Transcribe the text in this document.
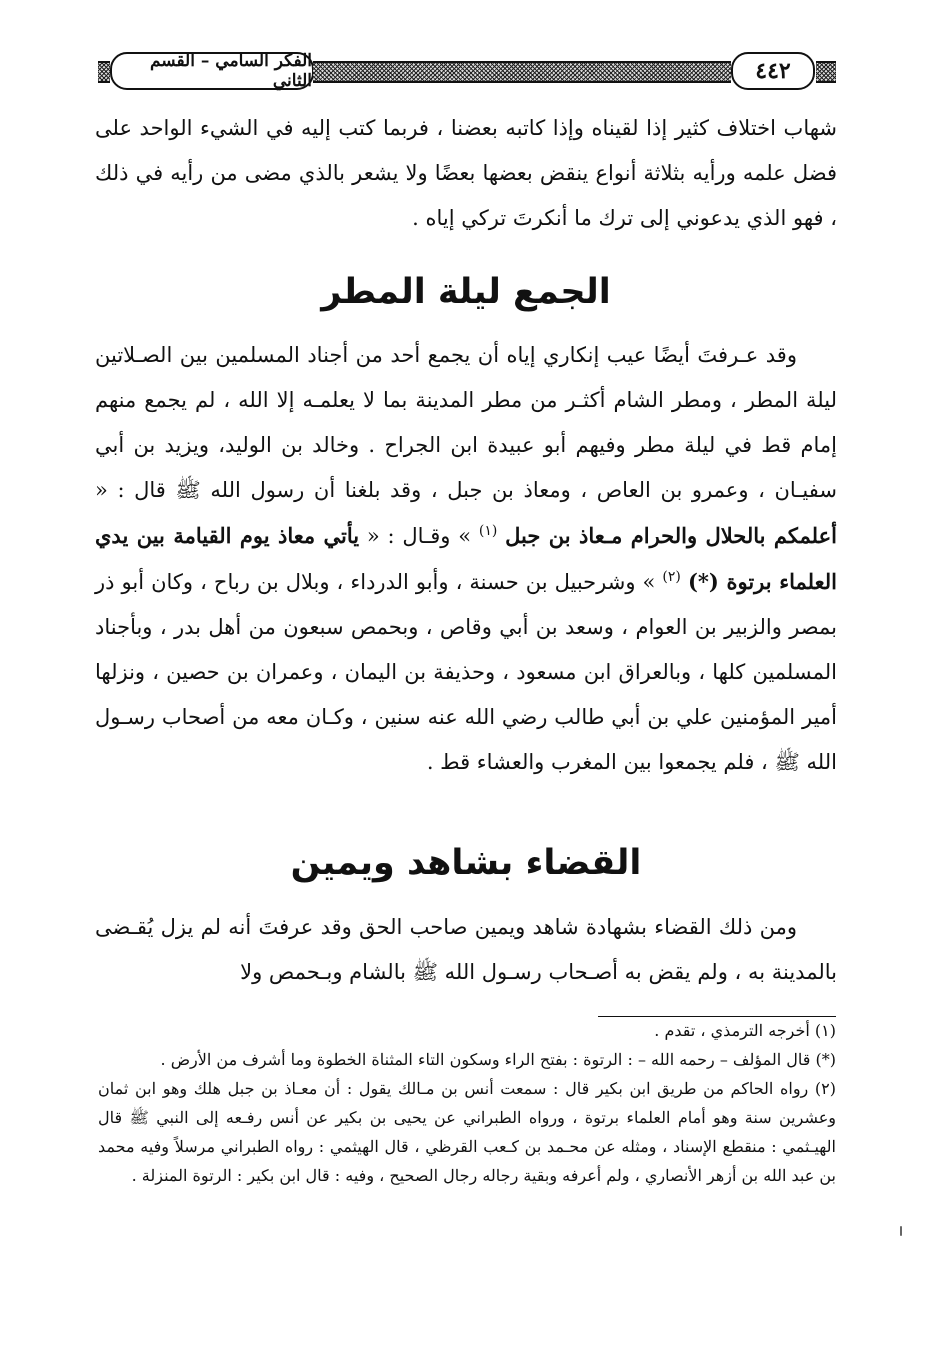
الفكر السامي – القسم الثاني	٤٤٢

شهاب اختلاف كثير إذا لقيناه وإذا كاتبه بعضنا ، فربما كتب إليه في الشيء الواحد على فضل علمه ورأيه بثلاثة أنواع ينقض بعضها بعضًا ولا يشعر بالذي مضى من رأيه في ذلك ، فهو الذي يدعوني إلى ترك ما أنكرتَ تركي إياه .

الجمع ليلة المطر

وقد عـرفتَ أيضًا عيب إنكاري إياه أن يجمع أحد من أجناد المسلمين بين الصـلاتين ليلة المطر ، ومطر الشام أكثـر من مطر المدينة بما لا يعلمـه إلا الله ، لم يجمع منهم إمام قط في ليلة مطر وفيهم أبو عبيدة ابن الجراح . وخالد بن الوليد، ويزيد بن أبي سفيـان ، وعمرو بن العاص ، ومعاذ بن جبل ، وقد بلغنا أن رسول الله ﷺ قال : « أعلمكم بالحلال والحرام مـعاذ بن جبل $^{(١)}$ » وقـال : « يأتي معاذ يوم القيامة بين يدي العلماء برتوة (*) $^{(٢)}$ » وشرحبيل بن حسنة ، وأبو الدرداء ، وبلال بن رباح ، وكان أبو ذر بمصر والزبير بن العوام ، وسعد بن أبي وقاص ، وبحمص سبعون من أهل بدر ، وبأجناد المسلمين كلها ، وبالعراق ابن مسعود ، وحذيفة بن اليمان ، وعمران بن حصين ، ونزلها أمير المؤمنين علي بن أبي طالب رضي الله عنه سنين ، وكـان معه من أصحاب رسـول الله ﷺ ، فلم يجمعوا بين المغرب والعشاء قط .

القضاء بشاهد ويمين

ومن ذلك القضاء بشهادة شاهد ويمين صاحب الحق وقد عرفتَ أنه لم يزل يُقـضى بالمدينة به ، ولم يقض به أصـحاب رسـول الله ﷺ بالشام وبـحمص ولا

(١) أخرجه الترمذي ، تقدم .

(*) قال المؤلف – رحمه الله – : الرتوة : بفتح الراء وسكون التاء المثناة الخطوة وما أشرف من الأرض .

(٢) رواه الحاكم من طريق ابن بكير قال : سمعت أنس بن مـالك يقول : أن معـاذ بن جبل هلك وهو ابن ثمان وعشرين سنة وهو أمام العلماء برتوة ، ورواه الطبراني عن يحيى بن بكير عن أنس رفـعه إلى النبي ﷺ قال الهيـثمي : منقطع الإسناد ، ومثله عن محـمد بن كـعب القرظي ، قال الهيثمي : رواه الطبراني مرسلاً وفيه محمد بن عبد الله بن أزهر الأنصاري ، ولم أعرفه وبقية رجاله رجال الصحيح ، وفيه : قال ابن بكير : الرتوة المنزلة .
